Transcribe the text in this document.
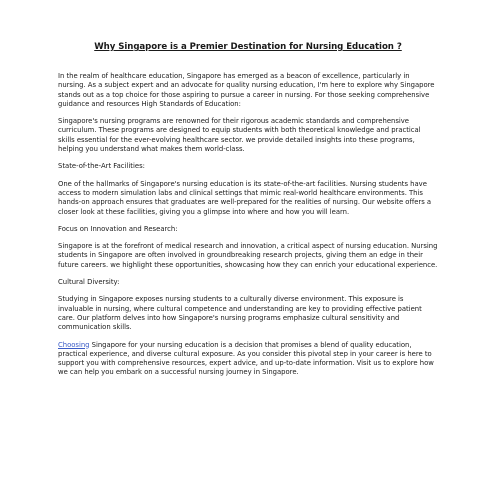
Why Singapore is a Premier Destination for Nursing Education ?

In the realm of healthcare education, Singapore has emerged as a beacon of excellence, particularly in nursing. As a subject expert and an advocate for quality nursing education, I'm here to explore why Singapore stands out as a top choice for those aspiring to pursue a career in nursing. For those seeking comprehensive guidance and resources High Standards of Education:

Singapore's nursing programs are renowned for their rigorous academic standards and comprehensive curriculum. These programs are designed to equip students with both theoretical knowledge and practical skills essential for the ever-evolving healthcare sector. we provide detailed insights into these programs, helping you understand what makes them world-class.

State-of-the-Art Facilities:

One of the hallmarks of Singapore's nursing education is its state-of-the-art facilities. Nursing students have access to modern simulation labs and clinical settings that mimic real-world healthcare environments. This hands-on approach ensures that graduates are well-prepared for the realities of nursing. Our website offers a closer look at these facilities, giving you a glimpse into where and how you will learn.

Focus on Innovation and Research:

Singapore is at the forefront of medical research and innovation, a critical aspect of nursing education. Nursing students in Singapore are often involved in groundbreaking research projects, giving them an edge in their future careers. we highlight these opportunities, showcasing how they can enrich your educational experience.

Cultural Diversity:

Studying in Singapore exposes nursing students to a culturally diverse environment. This exposure is invaluable in nursing, where cultural competence and understanding are key to providing effective patient care. Our platform delves into how Singapore's nursing programs emphasize cultural sensitivity and communication skills.

Choosing Singapore for your nursing education is a decision that promises a blend of quality education, practical experience, and diverse cultural exposure. As you consider this pivotal step in your career is here to support you with comprehensive resources, expert advice, and up-to-date information. Visit us to explore how we can help you embark on a successful nursing journey in Singapore.
